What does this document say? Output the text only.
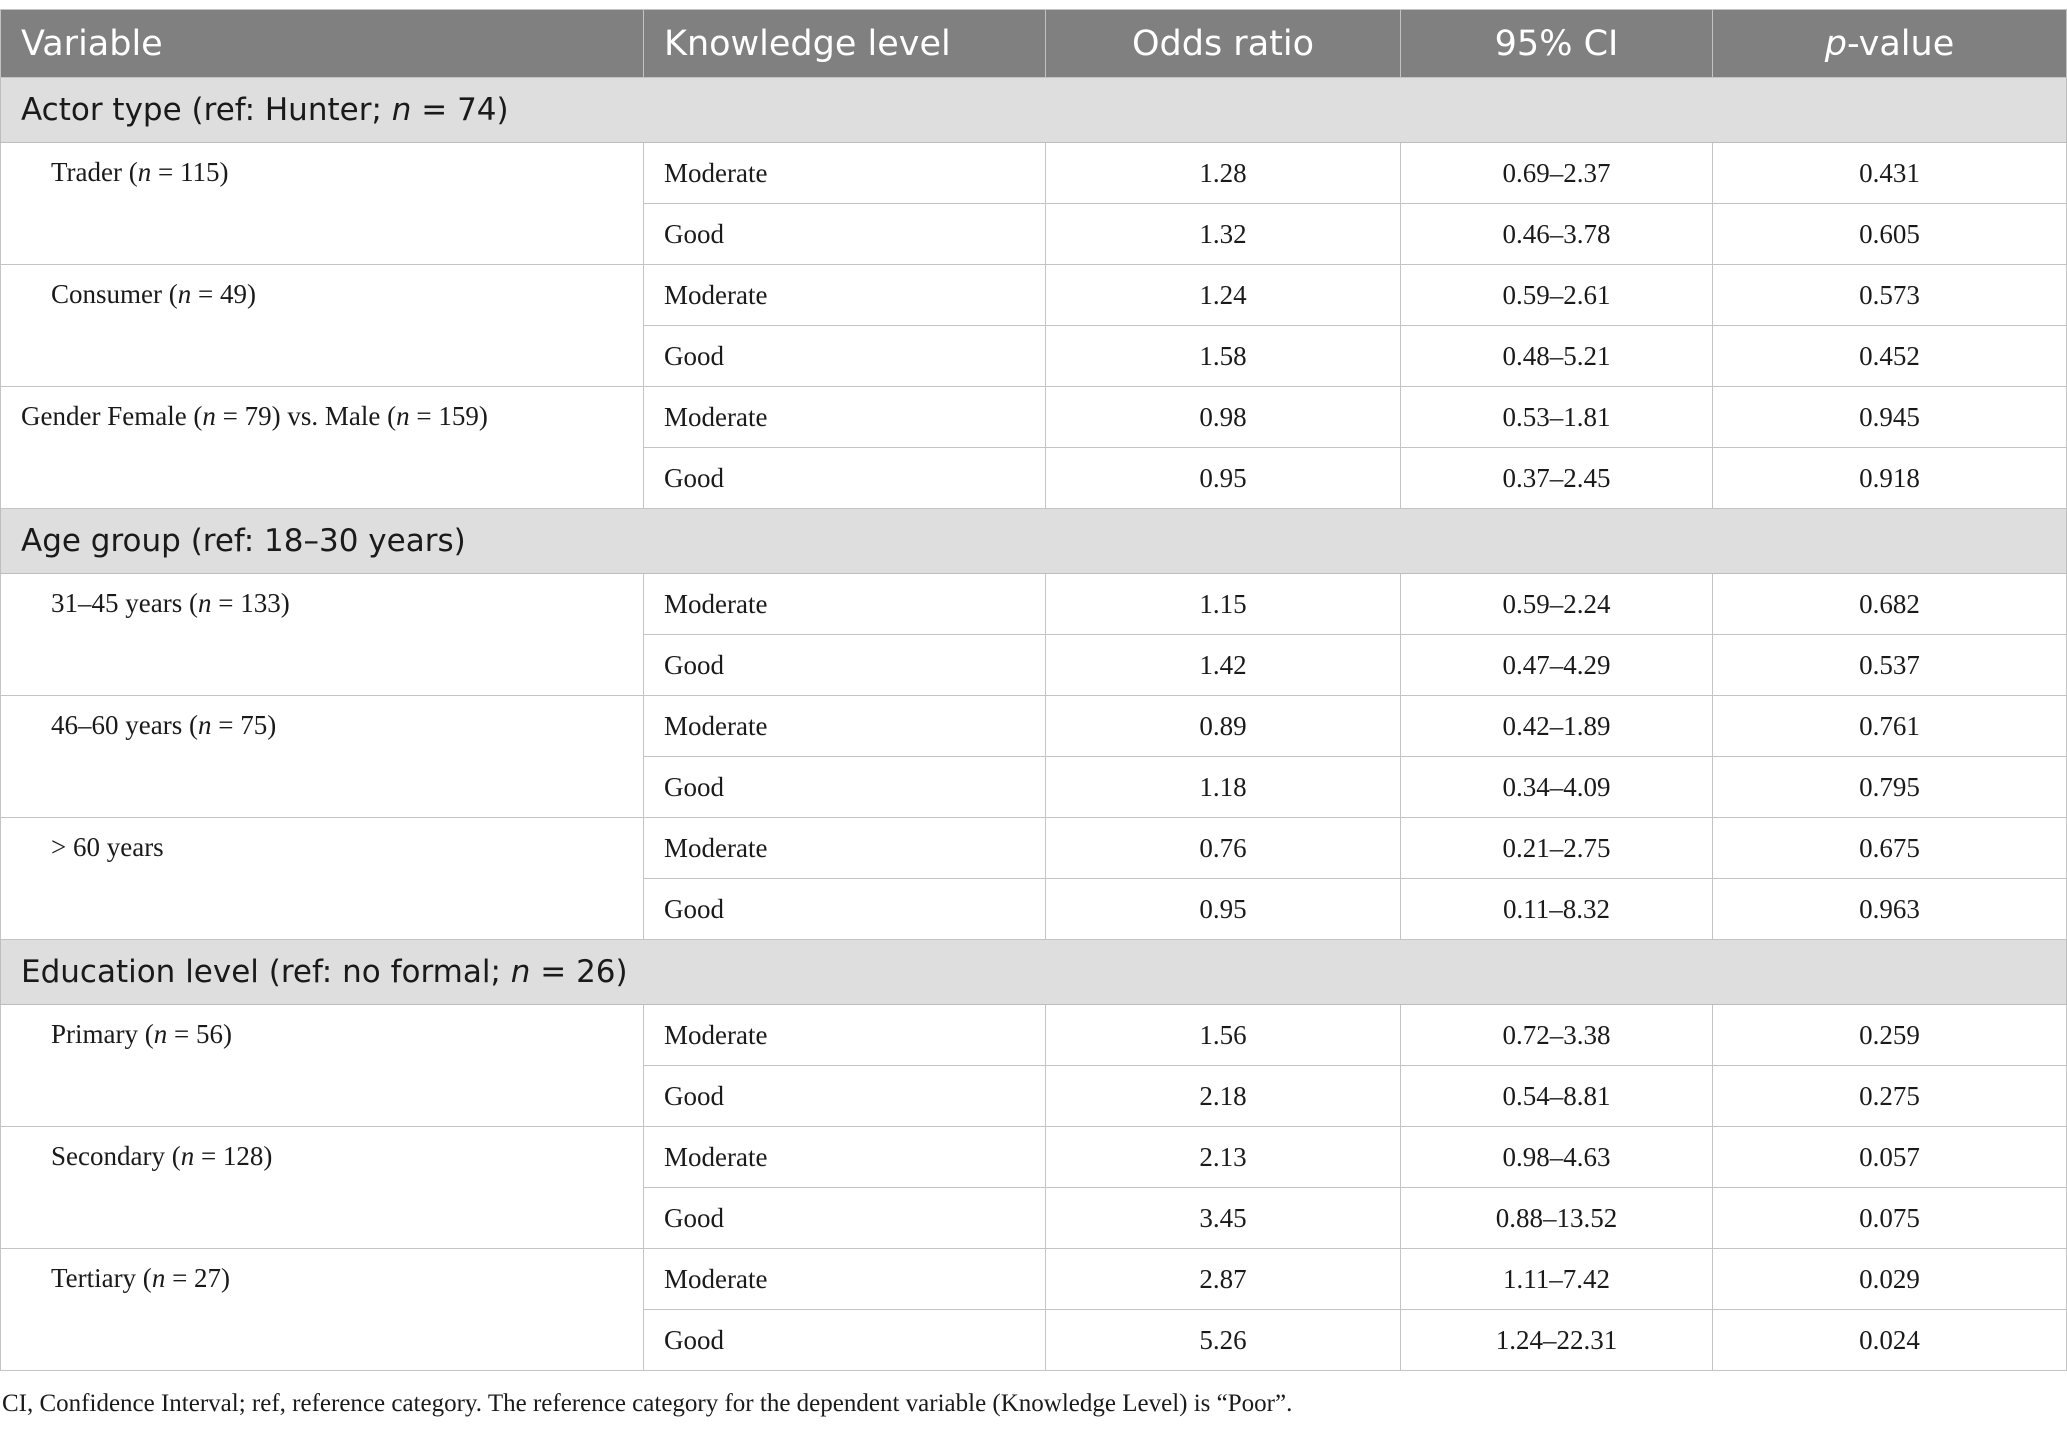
Variable	Knowledge level	Odds ratio	95% CI	p-value
Actor type (ref: Hunter; n = 74)				
Trader (n = 115)	Moderate	1.28	0.69–2.37	0.431
	Good	1.32	0.46–3.78	0.605
Consumer (n = 49)	Moderate	1.24	0.59–2.61	0.573
	Good	1.58	0.48–5.21	0.452
Gender Female (n = 79) vs. Male (n = 159)	Moderate	0.98	0.53–1.81	0.945
	Good	0.95	0.37–2.45	0.918
Age group (ref: 18–30 years)				
31–45 years (n = 133)	Moderate	1.15	0.59–2.24	0.682
	Good	1.42	0.47–4.29	0.537
46–60 years (n = 75)	Moderate	0.89	0.42–1.89	0.761
	Good	1.18	0.34–4.09	0.795
> 60 years	Moderate	0.76	0.21–2.75	0.675
	Good	0.95	0.11–8.32	0.963
Education level (ref: no formal; n = 26)				
Primary (n = 56)	Moderate	1.56	0.72–3.38	0.259
	Good	2.18	0.54–8.81	0.275
Secondary (n = 128)	Moderate	2.13	0.98–4.63	0.057
	Good	3.45	0.88–13.52	0.075
Tertiary (n = 27)	Moderate	2.87	1.11–7.42	0.029
	Good	5.26	1.24–22.31	0.024
CI, Confidence Interval; ref, reference category. The reference category for the dependent variable (Knowledge Level) is “Poor”.
